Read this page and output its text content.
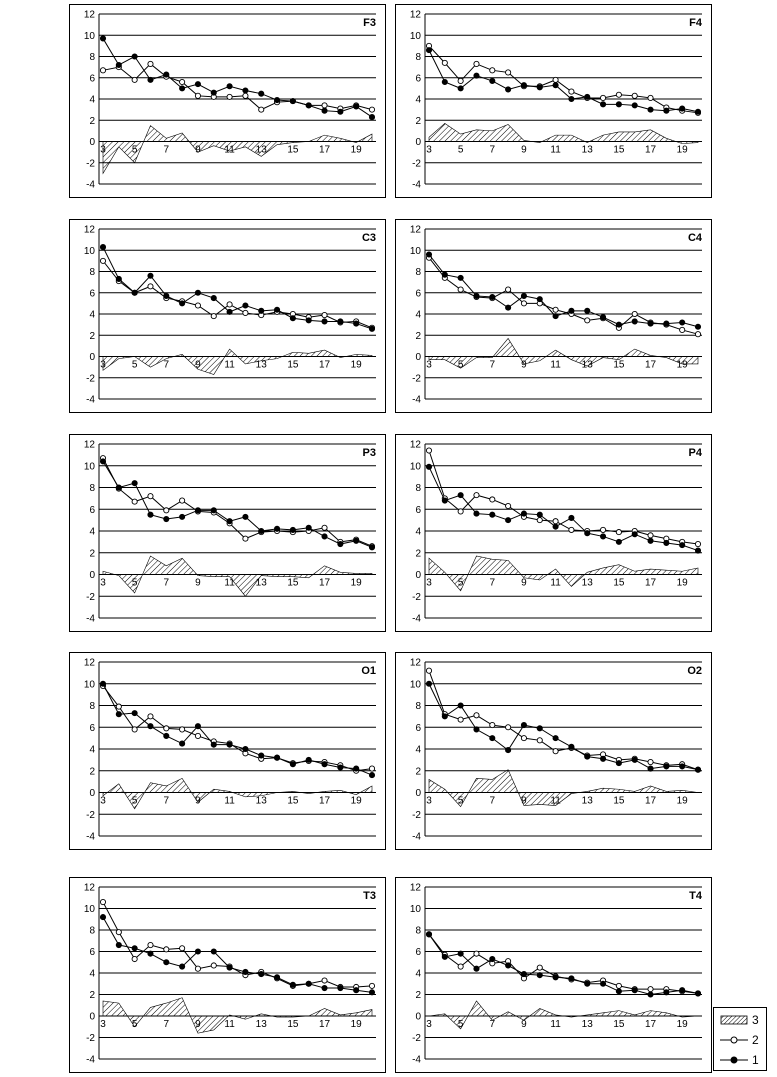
-4
-2
0
2
4
6
8
10
12
3	5	7	9 11 13 15 17 19
F3
-4
-2
0
2
4
6
8
10
12
3	5	7	9 11 13 15 17 19
F4
-4
-2
0
2
4
6
8
10
12
3	5	7	9 11 13 15 17 19
C3
-4
-2
0
2
4
6
8
10
12
3	5	7	9 11 13 15 17 19
C4
-4
-2
0
2
4
6
8
10
12
3	5	7	9 11 13 15 17 19
P3
-4
-2
0
2
4
6
8
10
12
3	5	7	9 11 13 15 17 19
P4
-4
-2
0
2
4
6
8
10
12
3	5	7	9 11 13 15 17 19
O1
-4
-2
0
2
4
6
8
10
12
3	5	7	9 11 13 15 17 19
O2
-4
-2
0
2
4
6
8
10
12
3	5	7	9 11 13 15 17 19
T3
-4
-2
0
2
4
6
8
10
12
3	5	7	9 11 13 15 17 19
T4
3
2
1
